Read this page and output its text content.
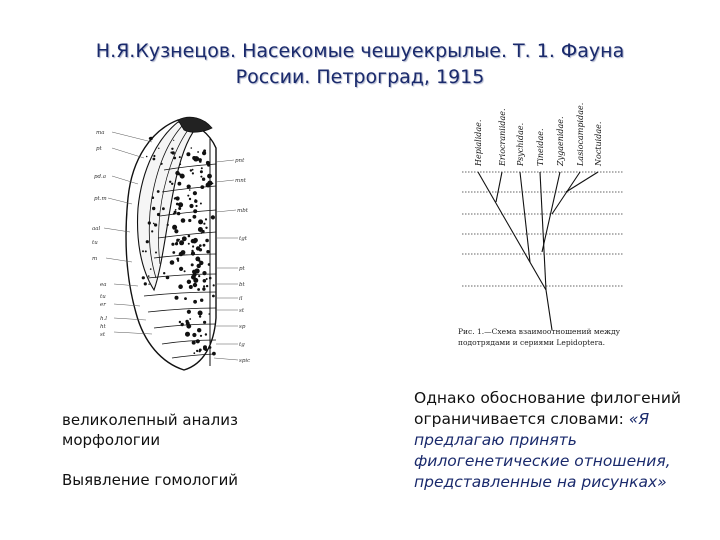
Н.Я.Кузнецов. Насекомые чешуекрылые. Т. 1. Фауна
России. Петроград, 1915
ma
pt
pd.a
pt.m
aal
tu
m
ea
tu
er
h.l
ht
st
pnt
mnt
mbt
tgt
pt
bt
il
st
sp
tg
spic
Hepialidae. Eriocraniidae. Psychidae. Tineidae. Zygaenidae. Lasiocampidae. Noctuidae.
Рис. 1.—Схема взаимоотношений между
подотрядами и сериями Lepidoptera.
великолепный анализ морфологии
Выявление гомологий
Однако обоснование филогений ограничивается словами: «Я предлагаю принять филогенетические отношения, представленные на рисунках»
